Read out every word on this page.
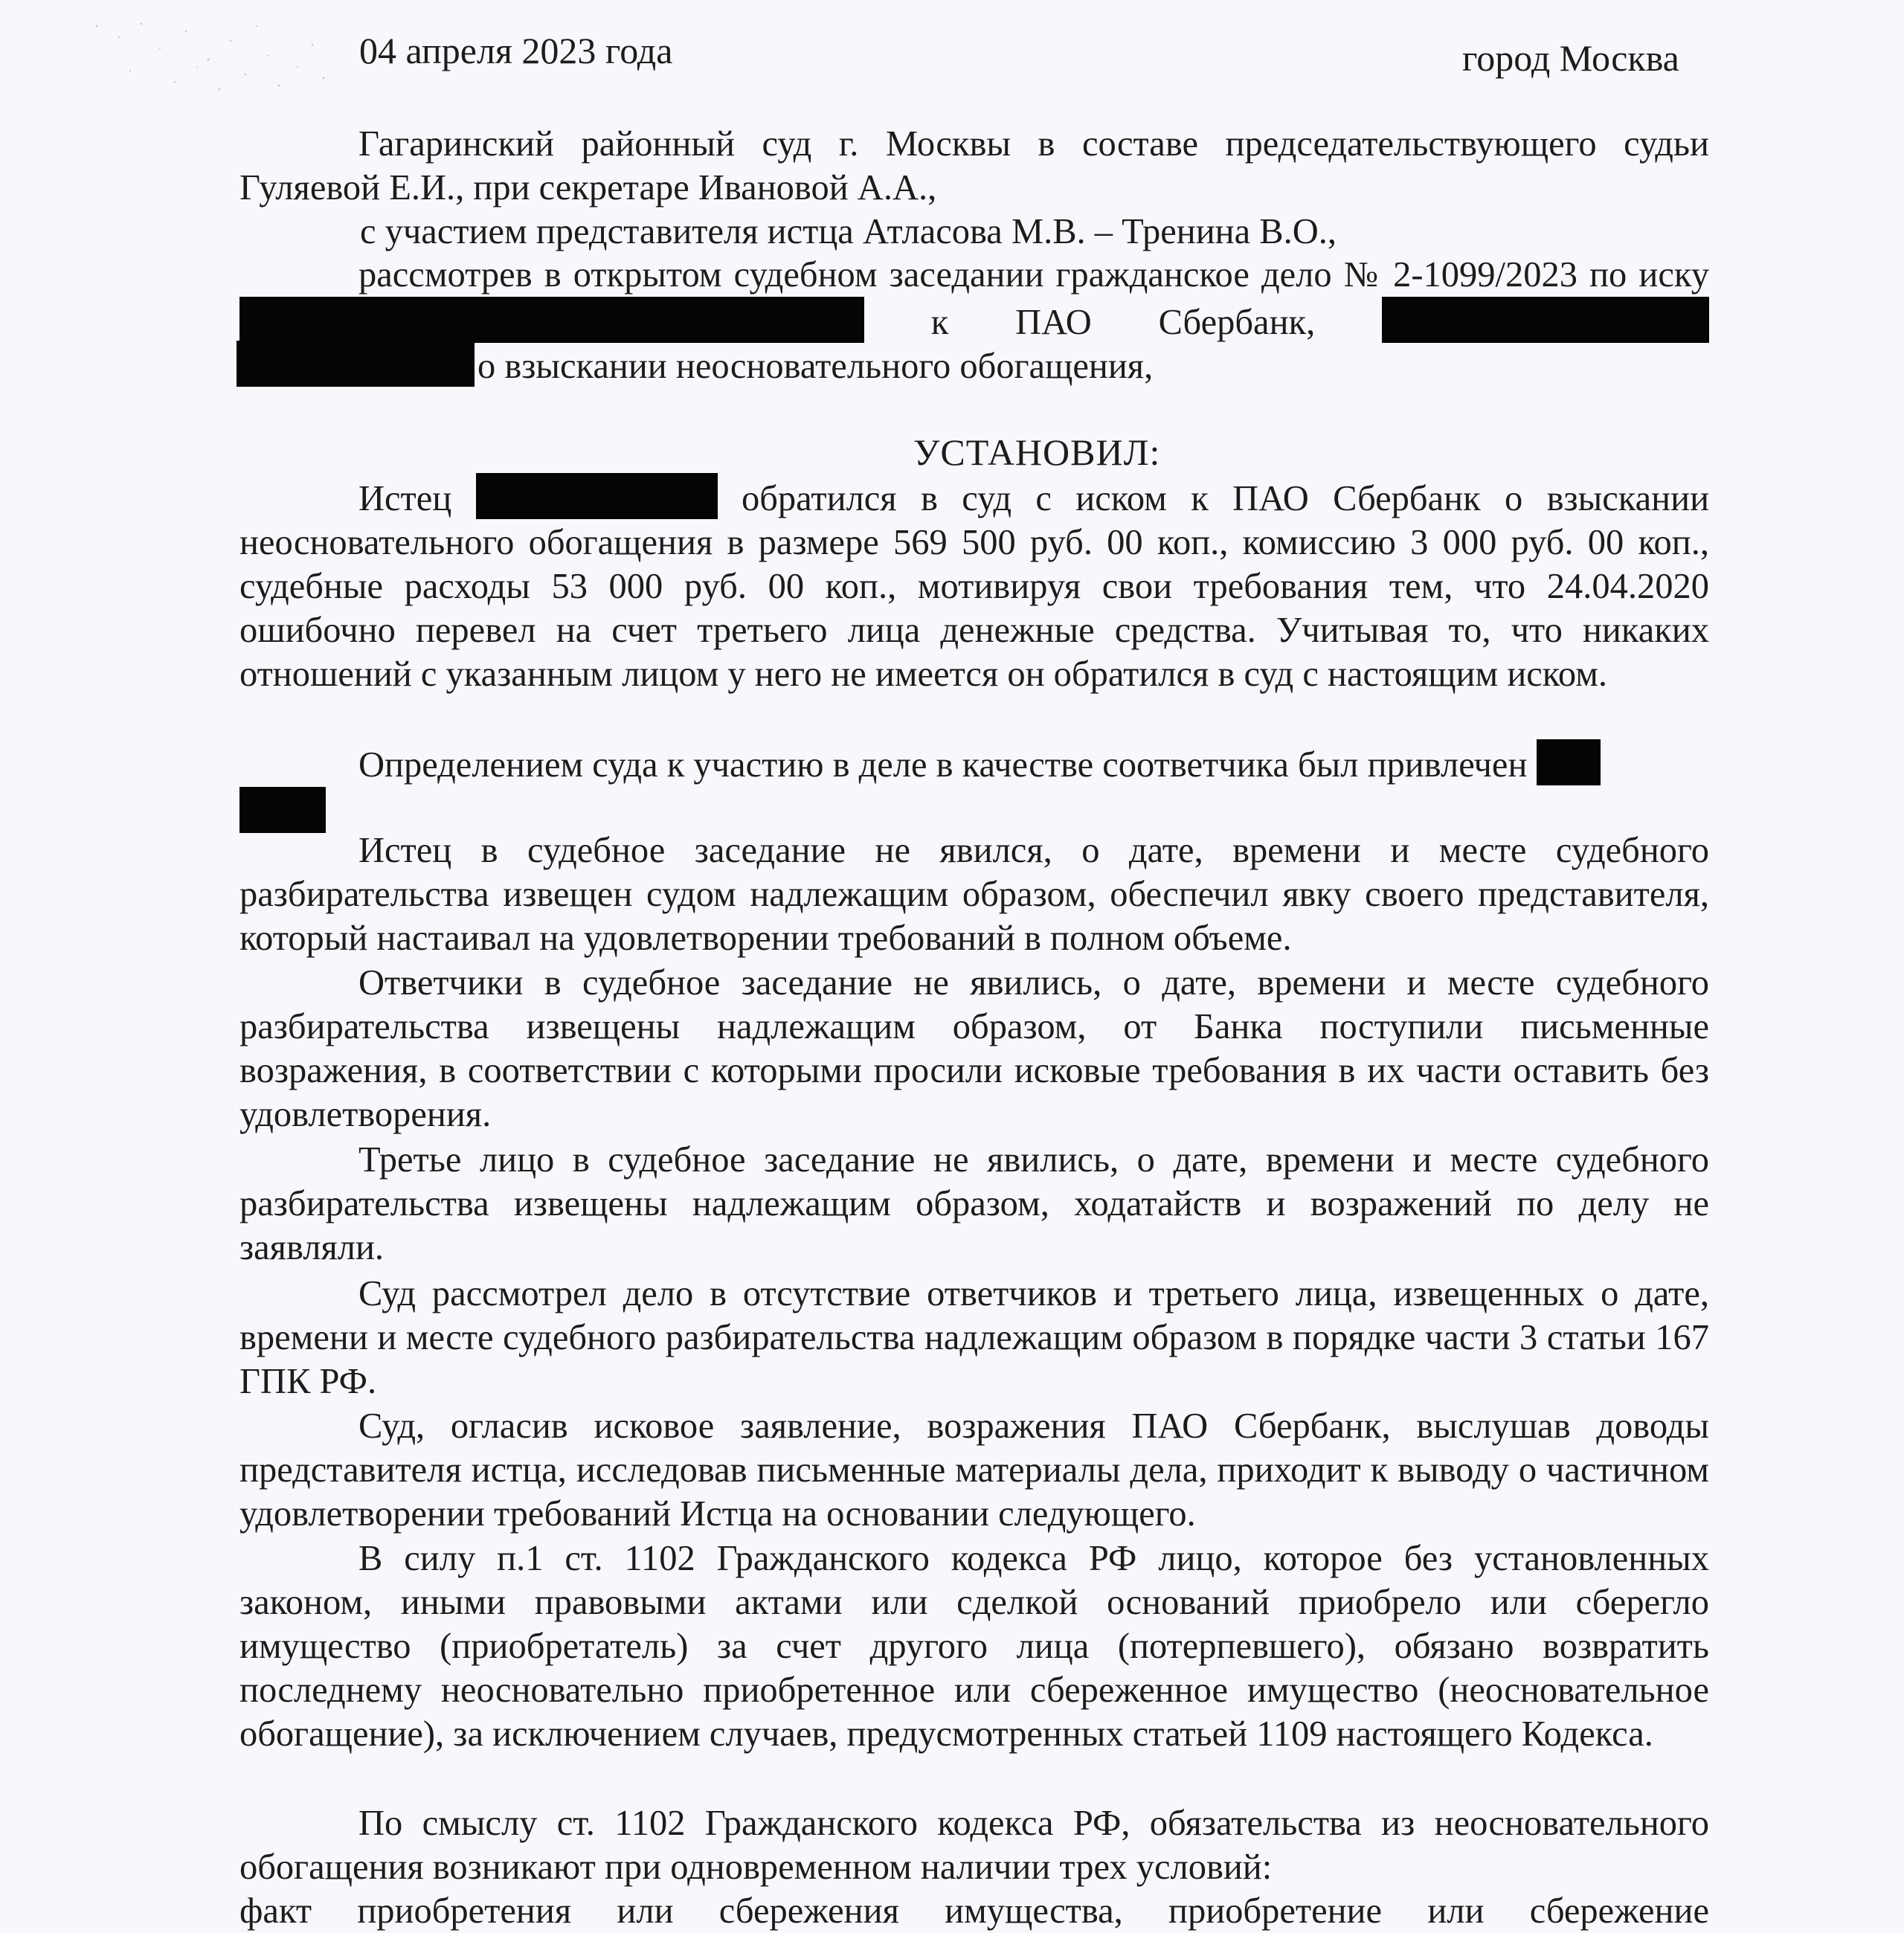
04 апреля 2023 года	город Москва

Гагаринский районный суд г. Москвы в составе председательствующего судьи Гуляевой Е.И., при секретаре Ивановой А.А.,

с участием представителя истца Атласова М.В. – Тренина В.О.,

рассмотрев в открытом судебном заседании гражданское дело № 2-1099/2023 по иску  к ПАО Сбербанк,

о взыскании неосновательного обогащения,

УСТАНОВИЛ:

Истец	обратился в суд с иском к ПАО Сбербанк о взыскании неосновательного обогащения в размере 569 500 руб. 00 коп., комиссию 3 000 руб. 00 коп., судебные расходы 53 000 руб. 00 коп., мотивируя свои требования тем, что 24.04.2020 ошибочно перевел на счет третьего лица денежные средства. Учитывая то, что никаких отношений с указанным лицом у него не имеется он обратился в суд с настоящим иском.

Определением суда к участию в деле в качестве соответчика был привлечен

Истец в судебное заседание не явился, о дате, времени и месте судебного разбирательства извещен судом надлежащим образом, обеспечил явку своего представителя, который настаивал на удовлетворении требований в полном объеме.

Ответчики в судебное заседание не явились, о дате, времени и месте судебного разбирательства извещены надлежащим образом, от Банка поступили письменные возражения, в соответствии с которыми просили исковые требования в их части оставить без удовлетворения.

Третье лицо в судебное заседание не явились, о дате, времени и месте судебного разбирательства извещены надлежащим образом, ходатайств и возражений по делу не заявляли.

Суд рассмотрел дело в отсутствие ответчиков и третьего лица, извещенных о дате, времени и месте судебного разбирательства надлежащим образом в порядке части 3 статьи 167 ГПК РФ.

Суд, огласив исковое заявление, возражения ПАО Сбербанк, выслушав доводы представителя истца, исследовав письменные материалы дела, приходит к выводу о частичном удовлетворении требований Истца на основании следующего.

В силу п.1 ст. 1102 Гражданского кодекса РФ лицо, которое без установленных законом, иными правовыми актами или сделкой оснований приобрело или сберегло имущество (приобретатель) за счет другого лица (потерпевшего), обязано возвратить последнему неосновательно приобретенное или сбереженное имущество (неосновательное обогащение), за исключением случаев, предусмотренных статьей 1109 настоящего Кодекса.

По смыслу ст. 1102 Гражданского кодекса РФ, обязательства из неосновательного обогащения возникают при одновременном наличии трех условий:

факт приобретения или сбережения имущества, приобретение или сбережение
